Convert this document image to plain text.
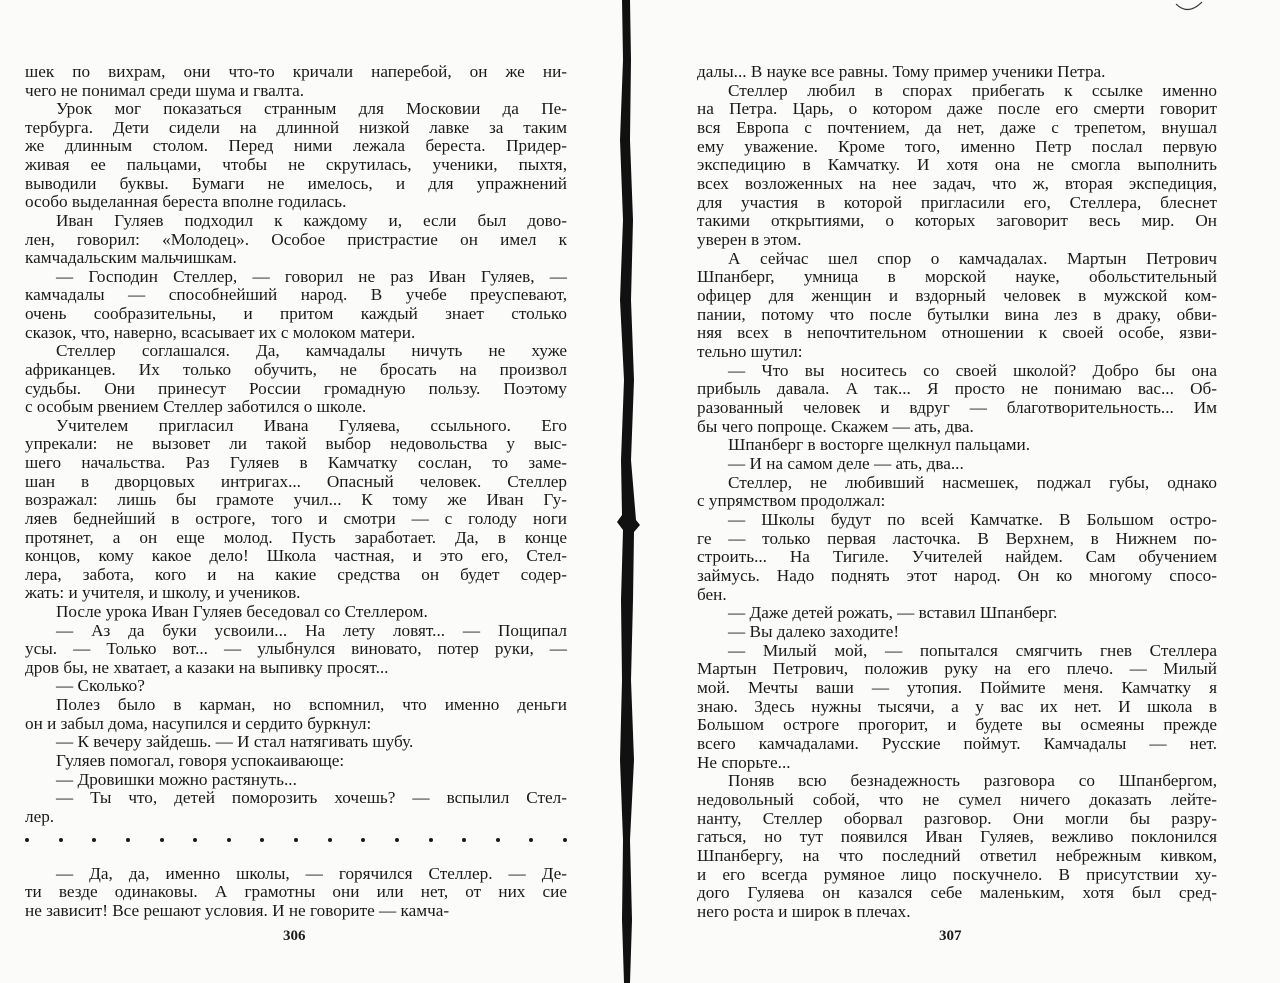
шек по вихрам, они что-то кричали наперебой, он же ни-
чего не понимал среди шума и гвалта.
Урок мог показаться странным для Московии да Пе-
тербурга. Дети сидели на длинной низкой лавке за таким
же длинным столом. Перед ними лежала береста. Придер-
живая ее пальцами, чтобы не скрутилась, ученики, пыхтя,
выводили буквы. Бумаги не имелось, и для упражнений
особо выделанная береста вполне годилась.
Иван Гуляев подходил к каждому и, если был дово-
лен, говорил: «Молодец». Особое пристрастие он имел к
камчадальским мальчишкам.
— Господин Стеллер, — говорил не раз Иван Гуляев, —
камчадалы — способнейший народ. В учебе преуспевают,
очень сообразительны, и притом каждый знает столько
сказок, что, наверно, всасывает их с молоком матери.
Стеллер соглашался. Да, камчадалы ничуть не хуже
африканцев. Их только обучить, не бросать на произвол
судьбы. Они принесут России громадную пользу. Поэтому
с особым рвением Стеллер заботился о школе.
Учителем пригласил Ивана Гуляева, ссыльного. Его
упрекали: не вызовет ли такой выбор недовольства у выс-
шего начальства. Раз Гуляев в Камчатку сослан, то заме-
шан в дворцовых интригах... Опасный человек. Стеллер
возражал: лишь бы грамоте учил... К тому же Иван Гу-
ляев беднейший в остроге, того и смотри — с голоду ноги
протянет, а он еще молод. Пусть заработает. Да, в конце
концов, кому какое дело! Школа частная, и это его, Стел-
лера, забота, кого и на какие средства он будет содер-
жать: и учителя, и школу, и учеников.
После урока Иван Гуляев беседовал со Стеллером.
— Аз да буки усвоили... На лету ловят... — Пощипал
усы. — Только вот... — улыбнулся виновато, потер руки, —
дров бы, не хватает, а казаки на выпивку просят...
— Сколько?
Полез было в карман, но вспомнил, что именно деньги
он и забыл дома, насупился и сердито буркнул:
— К вечеру зайдешь. — И стал натягивать шубу.
Гуляев помогал, говоря успокаивающе:
— Дровишки можно растянуть...
— Ты что, детей поморозить хочешь? — вспылил Стел-
лер.
— Да, да, именно школы, — горячился Стеллер. — Де-
ти везде одинаковы. А грамотны они или нет, от них сие
не зависит! Все решают условия. И не говорите — камча-
306
далы... В науке все равны. Тому пример ученики Петра.
Стеллер любил в спорах прибегать к ссылке именно
на Петра. Царь, о котором даже после его смерти говорит
вся Европа с почтением, да нет, даже с трепетом, внушал
ему уважение. Кроме того, именно Петр послал первую
экспедицию в Камчатку. И хотя она не смогла выполнить
всех возложенных на нее задач, что ж, вторая экспедиция,
для участия в которой пригласили его, Стеллера, блеснет
такими открытиями, о которых заговорит весь мир. Он
уверен в этом.
А сейчас шел спор о камчадалах. Мартын Петрович
Шпанберг, умница в морской науке, обольстительный
офицер для женщин и вздорный человек в мужской ком-
пании, потому что после бутылки вина лез в драку, обви-
няя всех в непочтительном отношении к своей особе, язви-
тельно шутил:
— Что вы носитесь со своей школой? Добро бы она
прибыль давала. А так... Я просто не понимаю вас... Об-
разованный человек и вдруг — благотворительность... Им
бы чего попроще. Скажем — ать, два.
Шпанберг в восторге щелкнул пальцами.
— И на самом деле — ать, два...
Стеллер, не любивший насмешек, поджал губы, однако
с упрямством продолжал:
— Школы будут по всей Камчатке. В Большом остро-
ге — только первая ласточка. В Верхнем, в Нижнем по-
строить... На Тигиле. Учителей найдем. Сам обучением
займусь. Надо поднять этот народ. Он ко многому спосо-
бен.
— Даже детей рожать, — вставил Шпанберг.
— Вы далеко заходите!
— Милый мой, — попытался смягчить гнев Стеллера
Мартын Петрович, положив руку на его плечо. — Милый
мой. Мечты ваши — утопия. Поймите меня. Камчатку я
знаю. Здесь нужны тысячи, а у вас их нет. И школа в
Большом остроге прогорит, и будете вы осмеяны прежде
всего камчадалами. Русские поймут. Камчадалы — нет.
Не спорьте...
Поняв всю безнадежность разговора со Шпанбергом,
недовольный собой, что не сумел ничего доказать лейте-
нанту, Стеллер оборвал разговор. Они могли бы разру-
гаться, но тут появился Иван Гуляев, вежливо поклонился
Шпанбергу, на что последний ответил небрежным кивком,
и его всегда румяное лицо поскучнело. В присутствии ху-
дого Гуляева он казался себе маленьким, хотя был сред-
него роста и широк в плечах.
307
